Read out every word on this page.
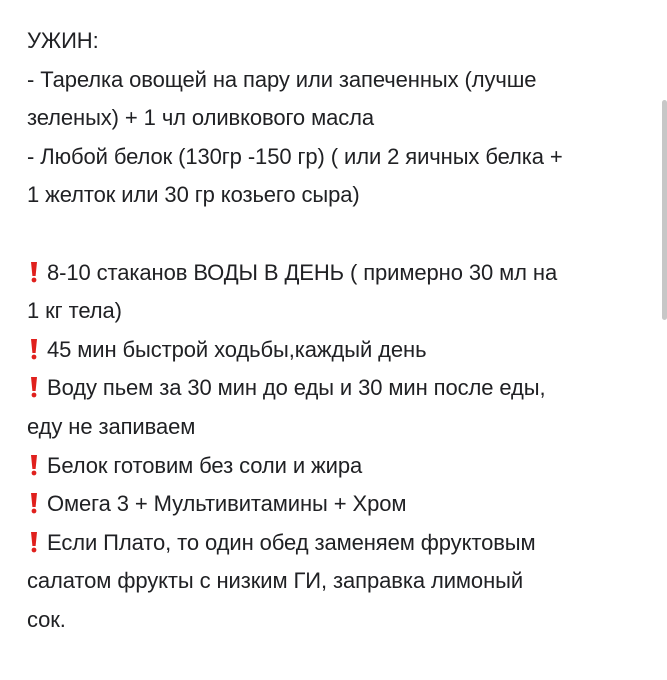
УЖИН:
- Тарелка овощей на пару или запеченных (лучше
зеленых) + 1 чл оливкового масла
- Любой белок (130гр -150 гр) ( или 2 яичных белка +
1 желток или 30 гр козьего сыра)
8-10 стаканов ВОДЫ В ДЕНЬ ( примерно 30 мл на
1 кг тела)
45 мин быстрой ходьбы,каждый день
Воду пьем за 30 мин до еды и 30 мин после еды,
еду не запиваем
Белок готовим без соли и жира
Омега 3 + Мультивитамины + Хром
Если Плато, то один обед заменяем фруктовым
салатом фрукты с низким ГИ, заправка лимоный
сок.
